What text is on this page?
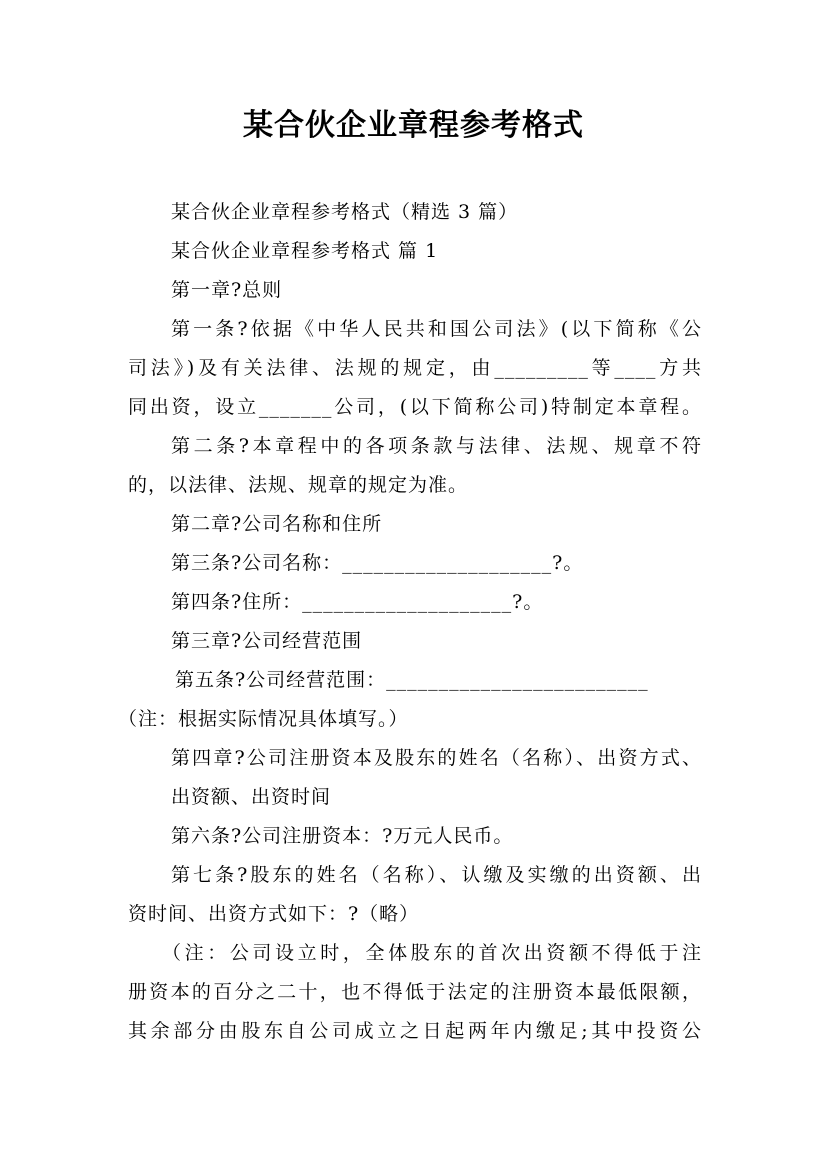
某合伙企业章程参考格式
某合伙企业章程参考格式（精选 3 篇）
某合伙企业章程参考格式 篇 1
第一章?总则
第一条?依据《中华人民共和国公司法》(以下简称《公
司法》)及有关法律、法规的规定，由_________等____方共
同出资，设立_______公司，(以下简称公司)特制定本章程。
第二条?本章程中的各项条款与法律、法规、规章不符
的，以法律、法规、规章的规定为准。
第二章?公司名称和住所
第三条?公司名称：____________________?。
第四条?住所：____________________?。
第三章?公司经营范围
第五条?公司经营范围：_________________________
（注：根据实际情况具体填写。）
第四章?公司注册资本及股东的姓名（名称）、出资方式、
出资额、出资时间
第六条?公司注册资本：?万元人民币。
第七条?股东的姓名（名称）、认缴及实缴的出资额、出
资时间、出资方式如下：?（略）
（注：公司设立时，全体股东的首次出资额不得低于注
册资本的百分之二十，也不得低于法定的注册资本最低限额，
其余部分由股东自公司成立之日起两年内缴足;其中投资公
